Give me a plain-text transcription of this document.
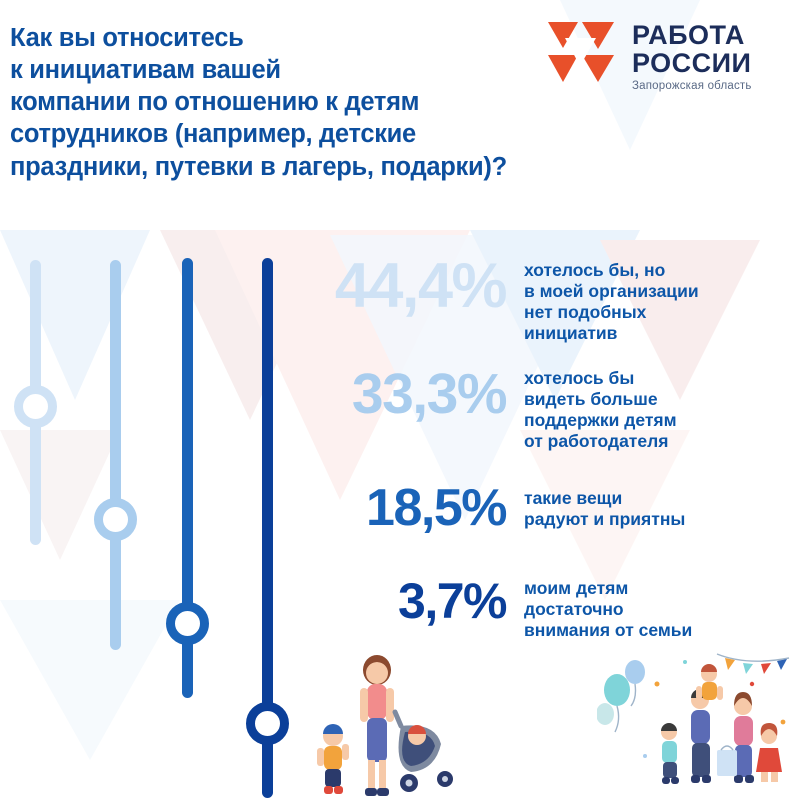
Как вы относитесь
к инициативам вашей
компании по отношению к детям
сотрудников (например, детские
праздники, путевки в лагерь, подарки)?
РАБОТА
РОССИИ
Запорожская область
44,4%	хотелось бы, но
в моей организации
нет подобных
инициатив
33,3%	хотелось бы
видеть больше
поддержки детям
от работодателя
18,5%	такие вещи
радуют и приятны
3,7%	моим детям
достаточно
внимания от семьи
